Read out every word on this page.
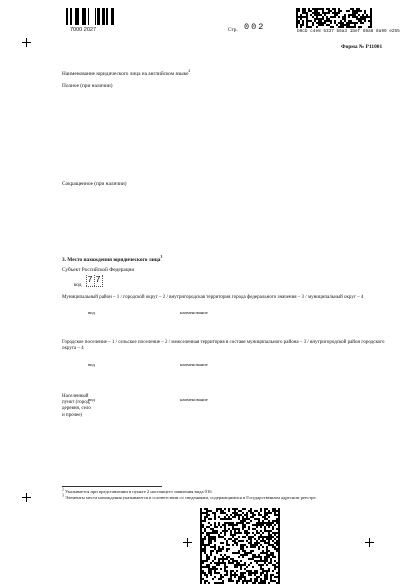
7000 2027	Стр. 002	b0cb c4e8 5337 b6a3 1bef 66a8 8a99 e255
Форма № Р11001
Наименование юридического лица на английском языке$^2$
Полное (при наличии)
Сокращенное (при наличии)
3. Место нахождения юридического лица$^3$
Субъект Российской Федерации
код 7 7
Муниципальный район – 1 / городской округ – 2 / внутригородская территория города федерального значения – 3 / муниципальный округ – 4
вид	наименование
Городское поселение – 1 / сельское поселение – 2 / межселенная территория в составе муниципального района – 3 / внутригородской район городского округа – 4
вид	наименование
Населенный пункт (город, деревня, село и прочее)
вид	наименование
$^2$ Указывается при представлении в пункте 2 настоящего заявления вида 016.
$^3$ Элементы места нахождения указываются в соответствии со сведениями, содержащимися в Государственном адресном реестре.
